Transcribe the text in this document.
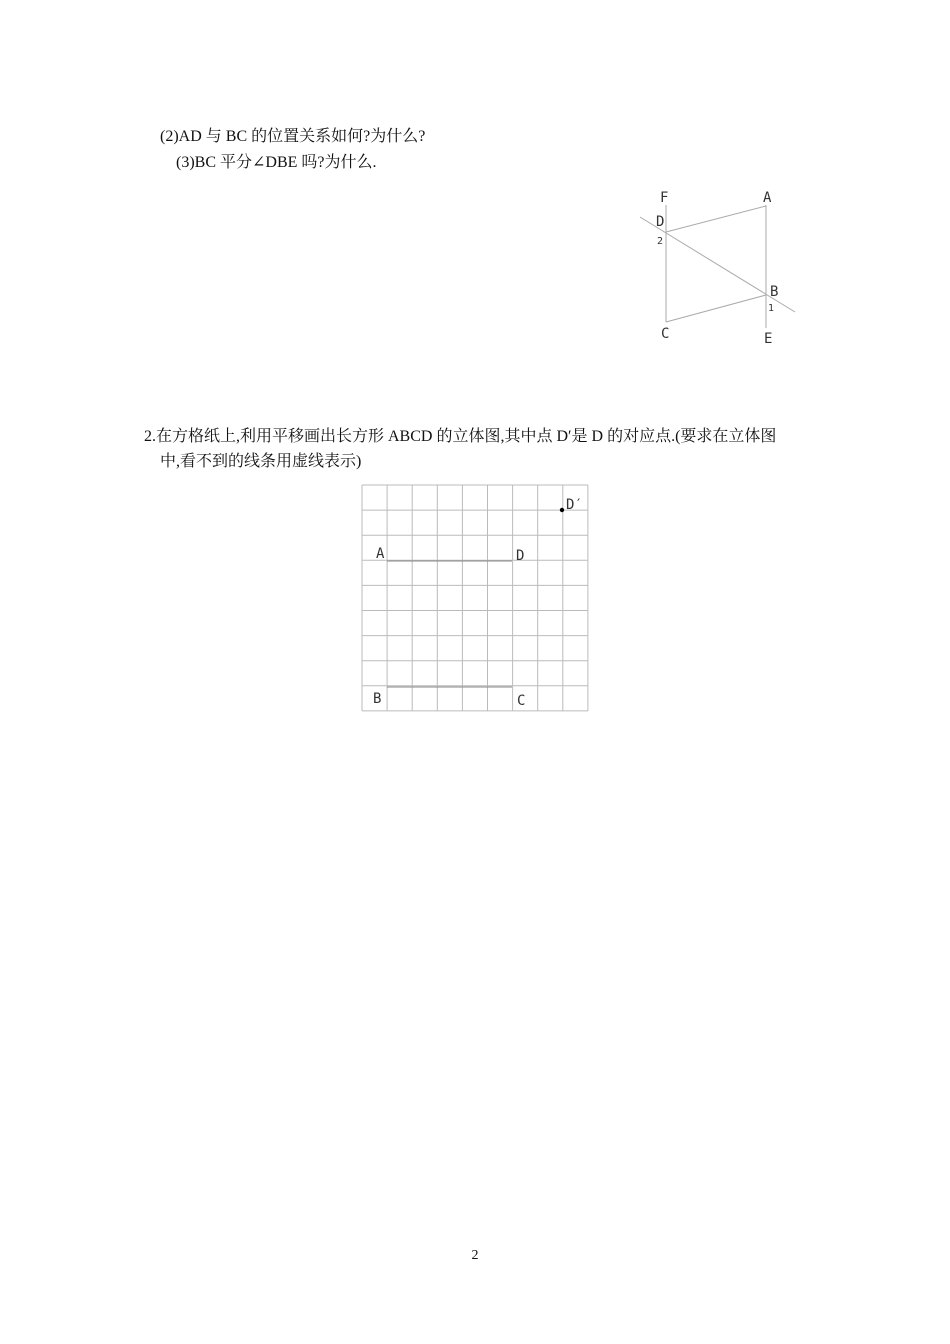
(2)AD 与 BC 的位置关系如何?为什么?
(3)BC 平分∠DBE 吗?为什么.
F	A
D
2
B
1
C	E
2.在方格纸上,利用平移画出长方形 ABCD 的立体图,其中点 D′是 D 的对应点.(要求在立体图
中,看不到的线条用虚线表示)
A	D
B	C
D′
2
